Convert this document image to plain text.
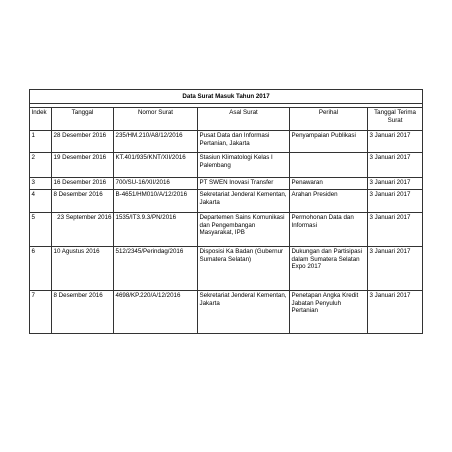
Data Surat Masuk Tahun 2017					

Indek	Tanggal	Nomor Surat	Asal Surat	Perihal	Tanggal Terima Surat
1	28 Desember 2016	235/HM.210/A8/12/2016	Pusat Data dan Informasi Pertanian, Jakarta	Penyampaian Publikasi	3 Januari 2017
2	19 Desember 2016	KT.401/935/KNT/XII/2016	Stasiun Klimatologi Kelas I Palembang		3 Januari 2017
3	16 Desember 2016	700/SU-16/XII/2016	PT SWEN Inovasi Transfer	Penawaran	3 Januari 2017
4	8 Desember 2016	B-4651/HM010/A/12/2016	Sekretariat Jenderal Kementan, Jakarta	Arahan Presiden	3 Januari 2017
5	23 September 2016	1535/IT3.9.3/PN/2016	Departemen Sains Komunikasi dan Pengembangan Masyarakat, IPB	Permohonan Data dan Informasi	3 Januari 2017
6	10 Agustus 2016	512/2345/Perindag/2016	Disposisi Ka Badan (Gubernur Sumatera Selatan)	Dukungan dan Partisipasi dalam Sumatera Selatan Expo 2017	3 Januari 2017
7	8 Desember 2016	4698/KP.220/A/12/2016	Sekretariat Jenderal Kementan, Jakarta	Penetapan Angka Kredit Jabatan Penyuluh Pertanian	3 Januari 2017
